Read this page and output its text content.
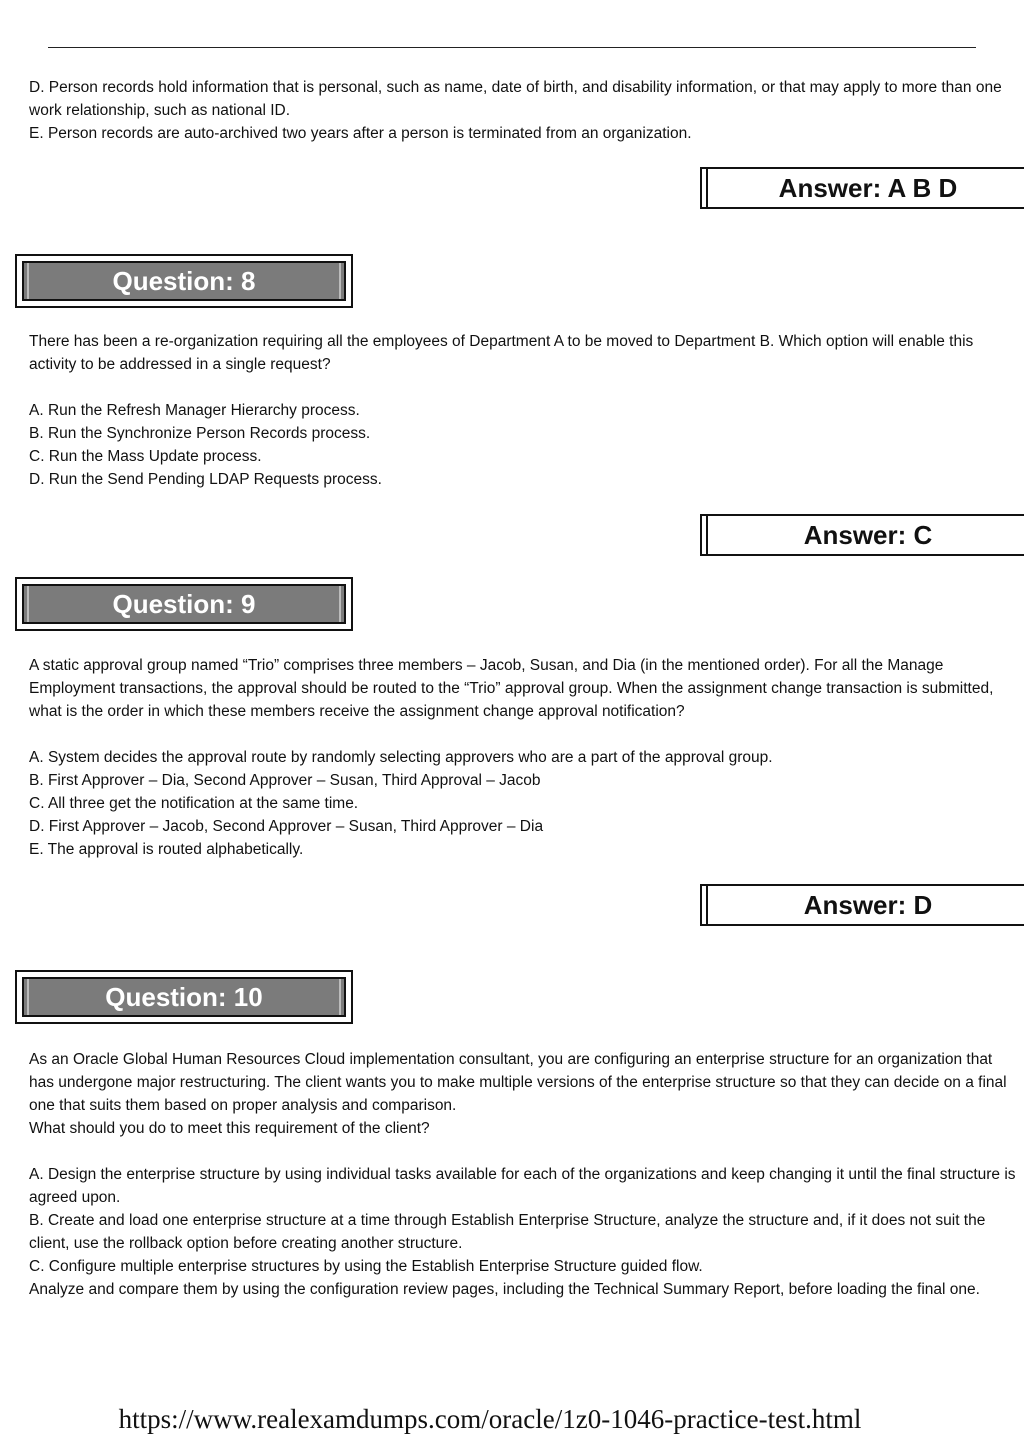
D. Person records hold information that is personal, such as name, date of birth, and disability information, or that may apply to more than one work relationship, such as national ID.

E. Person records are auto-archived two years after a person is terminated from an organization.

Answer: A B D
Question: 8

There has been a re-organization requiring all the employees of Department A to be moved to Department B. Which option will enable this activity to be addressed in a single request?

A. Run the Refresh Manager Hierarchy process.

B. Run the Synchronize Person Records process.

C. Run the Mass Update process.

D. Run the Send Pending LDAP Requests process.

Answer: C
Question: 9

A static approval group named “Trio” comprises three members – Jacob, Susan, and Dia (in the mentioned order). For all the Manage Employment transactions, the approval should be routed to the “Trio” approval group. When the assignment change transaction is submitted, what is the order in which these members receive the assignment change approval notification?

A. System decides the approval route by randomly selecting approvers who are a part of the approval group.

B. First Approver – Dia, Second Approver – Susan, Third Approval – Jacob

C. All three get the notification at the same time.

D. First Approver – Jacob, Second Approver – Susan, Third Approver – Dia

E. The approval is routed alphabetically.

Answer: D
Question: 10

As an Oracle Global Human Resources Cloud implementation consultant, you are configuring an enterprise structure for an organization that has undergone major restructuring. The client wants you to make multiple versions of the enterprise structure so that they can decide on a final one that suits them based on proper analysis and comparison.

What should you do to meet this requirement of the client?

A. Design the enterprise structure by using individual tasks available for each of the organizations and keep changing it until the final structure is agreed upon.

B. Create and load one enterprise structure at a time through Establish Enterprise Structure, analyze the structure and, if it does not suit the client, use the rollback option before creating another structure.

C. Configure multiple enterprise structures by using the Establish Enterprise Structure guided flow.

Analyze and compare them by using the configuration review pages, including the Technical Summary Report, before loading the final one.

https://www.realexamdumps.com/oracle/1z0-1046-practice-test.html
